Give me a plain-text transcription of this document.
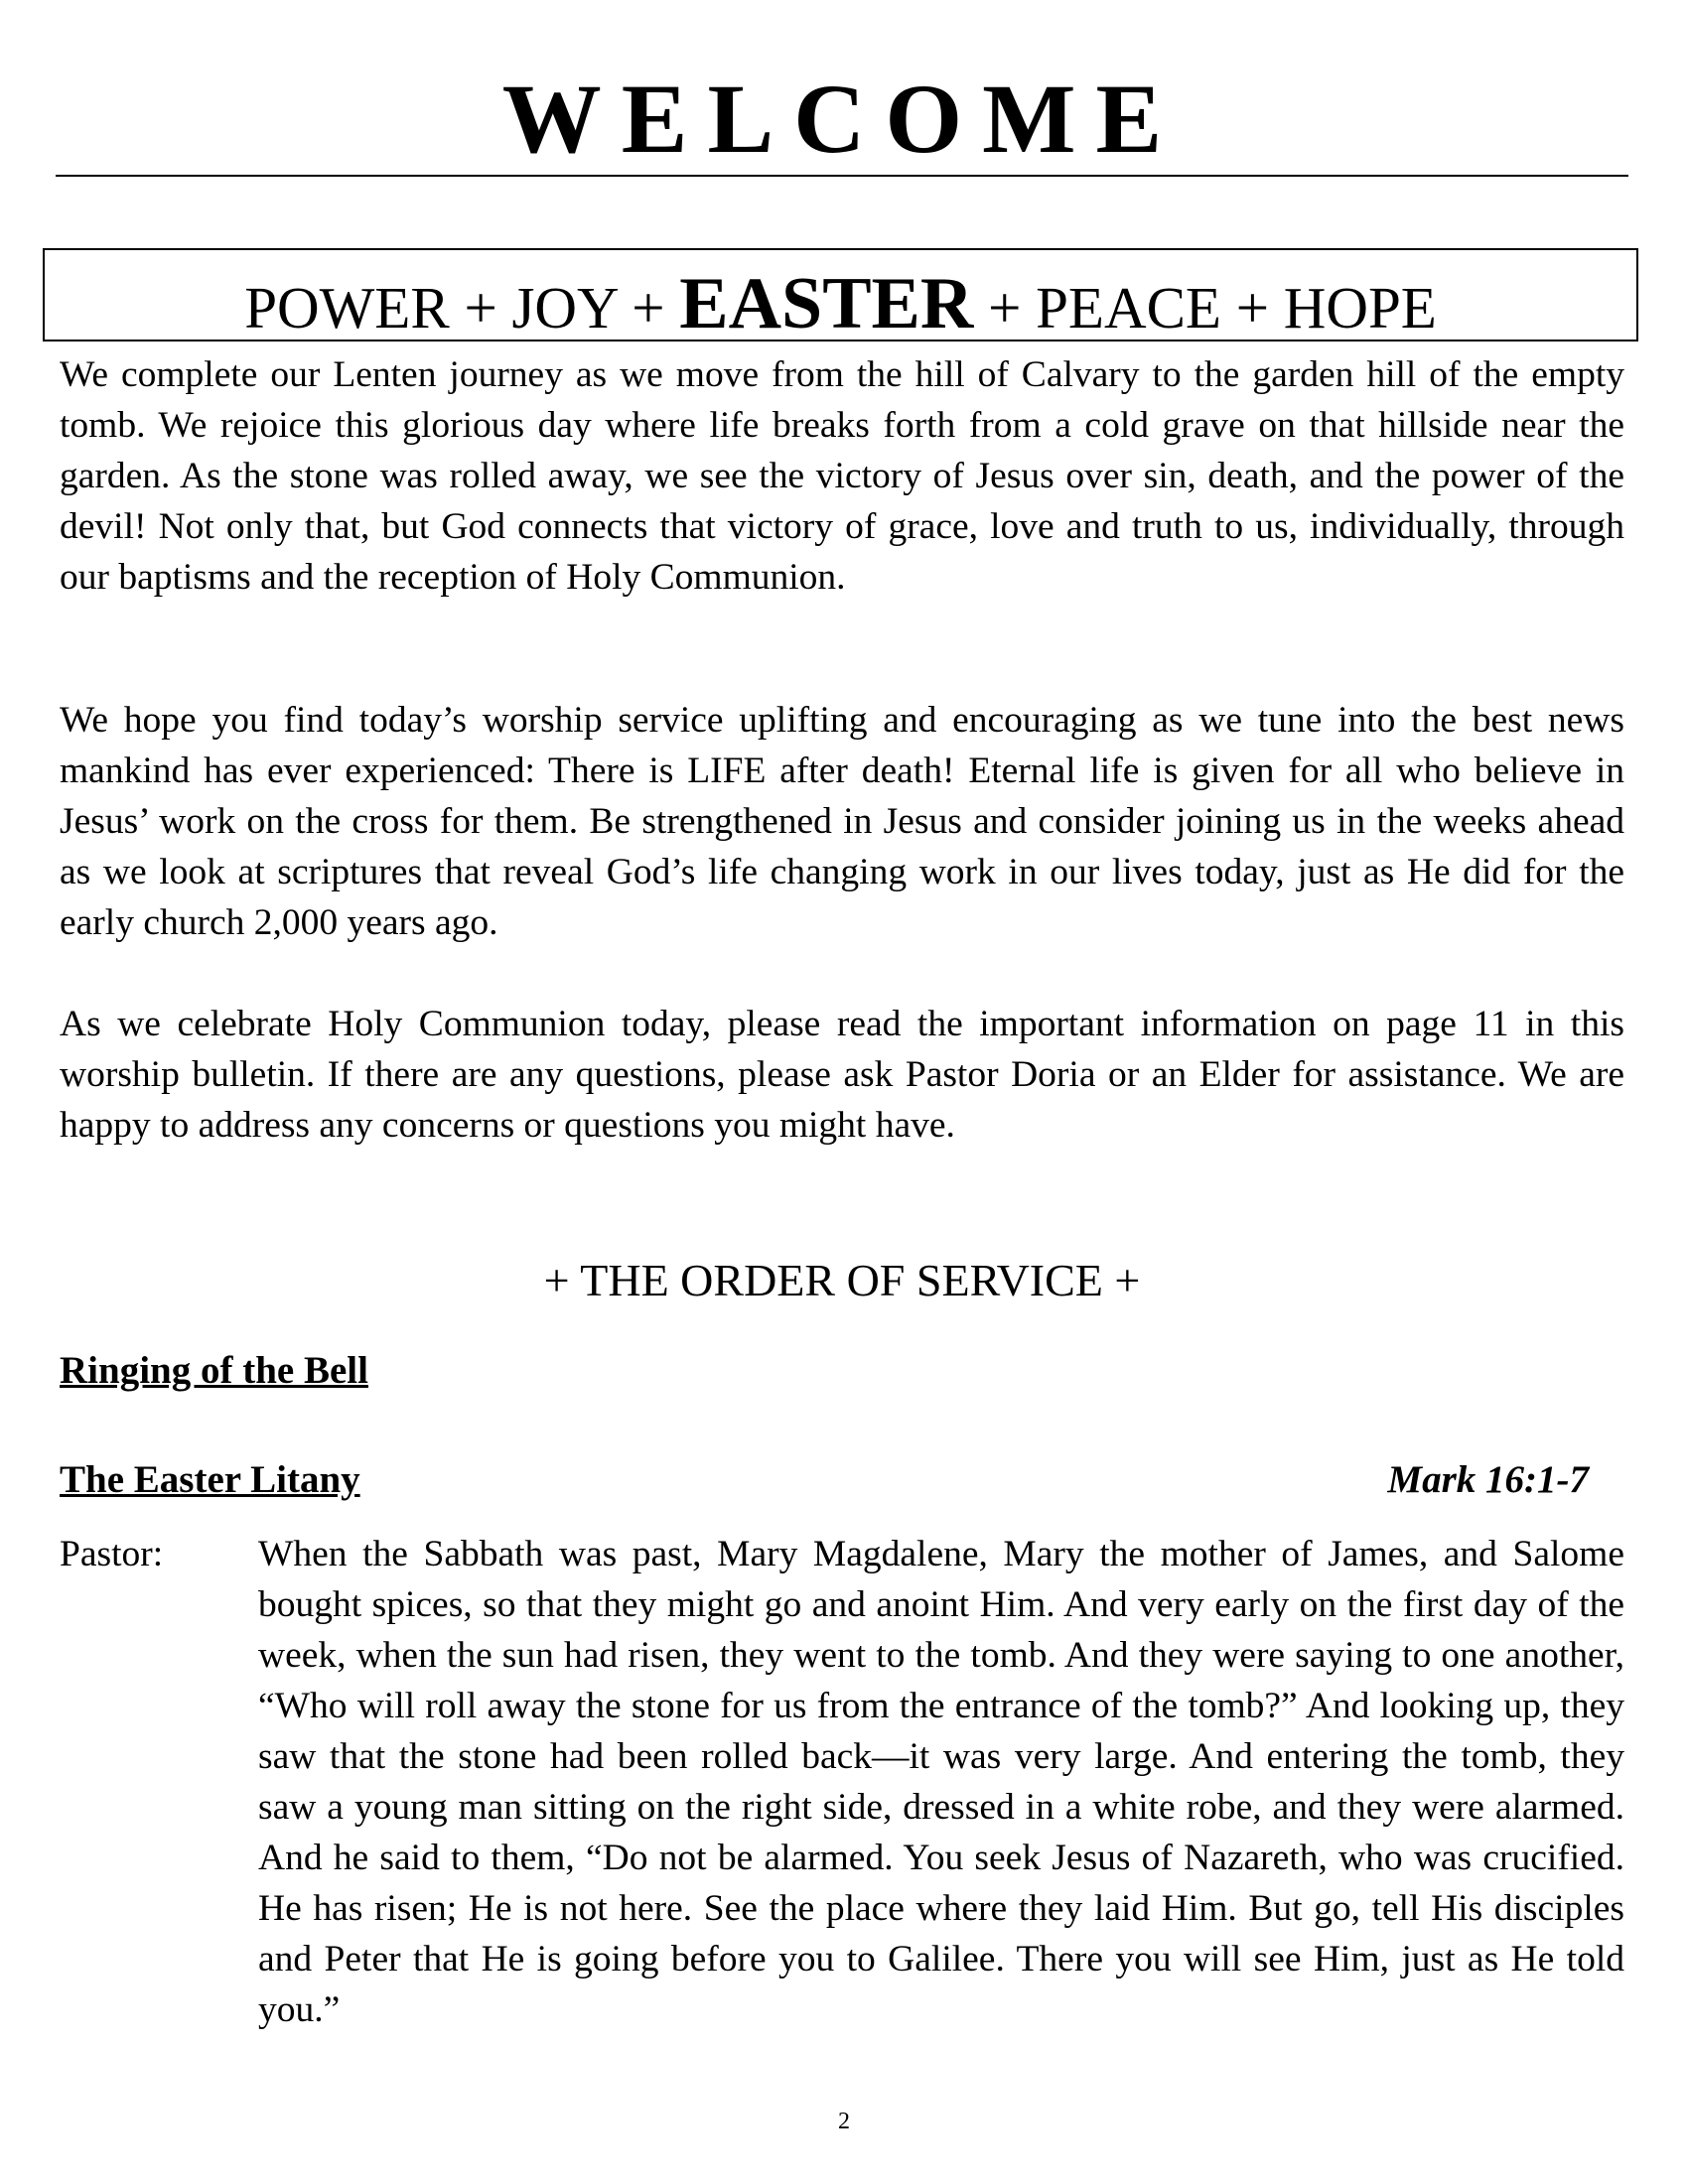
WELCOME
POWER + JOY + EASTER + PEACE + HOPE

We complete our Lenten journey as we move from the hill of Calvary to the garden hill of the empty tomb. We rejoice this glorious day where life breaks forth from a cold grave on that hillside near the garden. As the stone was rolled away, we see the victory of Jesus over sin, death, and the power of the devil! Not only that, but God connects that victory of grace, love and truth to us, individually, through our baptisms and the reception of Holy Communion.

We hope you find today’s worship service uplifting and encouraging as we tune into the best news mankind has ever experienced: There is LIFE after death! Eternal life is given for all who believe in Jesus’ work on the cross for them. Be strengthened in Jesus and consider joining us in the weeks ahead as we look at scriptures that reveal God’s life changing work in our lives today, just as He did for the early church 2,000 years ago.

As we celebrate Holy Communion today, please read the important information on page 11 in this worship bulletin. If there are any questions, please ask Pastor Doria or an Elder for assistance. We are happy to address any concerns or questions you might have.

+ THE ORDER OF SERVICE +
Ringing of the Bell
The Easter Litany	Mark 16:1-7
Pastor:	When the Sabbath was past, Mary Magdalene, Mary the mother of James, and Salome bought spices, so that they might go and anoint Him. And very early on the first day of the week, when the sun had risen, they went to the tomb. And they were saying to one another, “Who will roll away the stone for us from the entrance of the tomb?” And looking up, they saw that the stone had been rolled back—it was very large. And entering the tomb, they saw a young man sitting on the right side, dressed in a white robe, and they were alarmed. And he said to them, “Do not be alarmed. You seek Jesus of Nazareth, who was crucified. He has risen; He is not here. See the place where they laid Him. But go, tell His disciples and Peter that He is going before you to Galilee. There you will see Him, just as He told you.”

2
